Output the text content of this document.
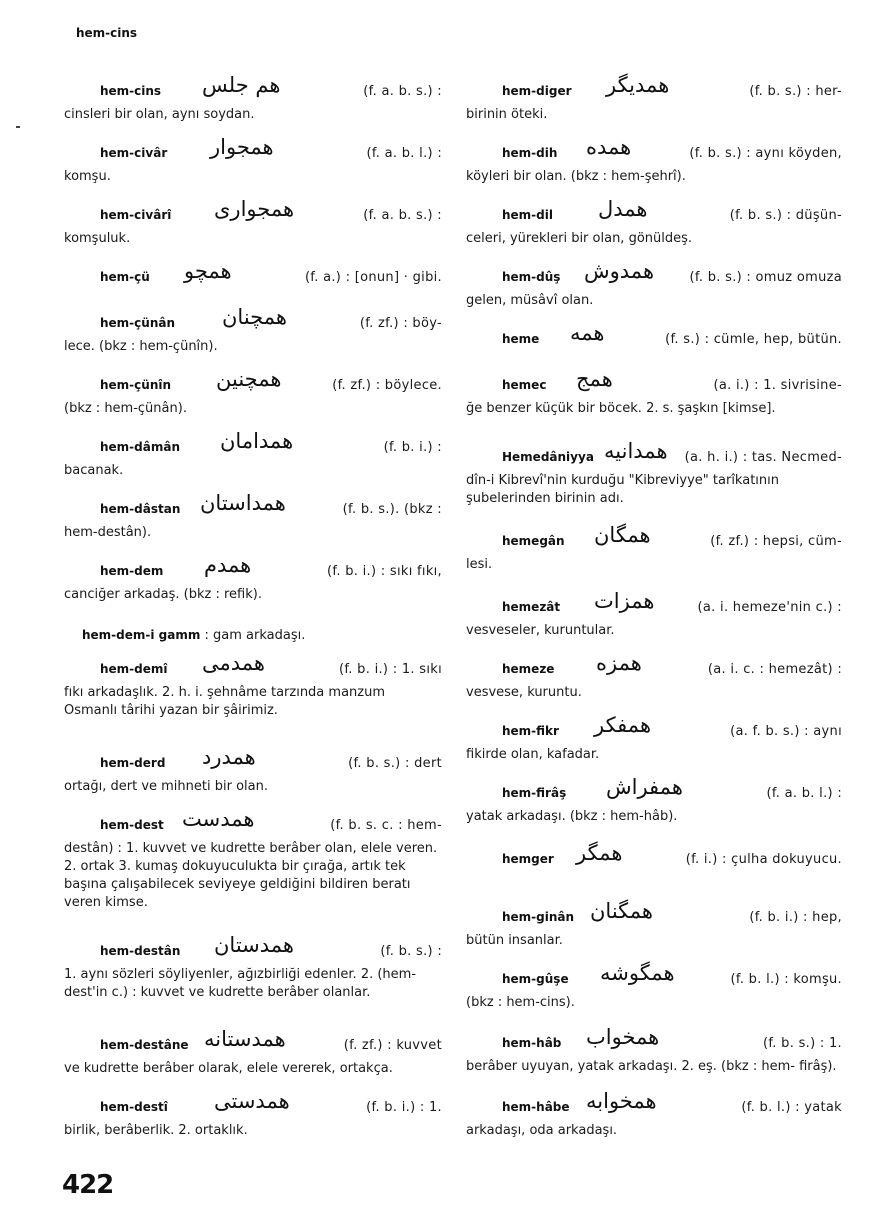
hem-cins
hem-cins هم جلس	(f. a. b. s.) :
cinsleri bir olan, aynı soydan.
hem-civâr همجوار	(f. a. b. l.) :
komşu.
hem-civârî همجواری	(f. a. b. s.) :
komşuluk.
hem-çü همچو	(f. a.) : [onun] · gibi.
hem-çünân همچنان	(f. zf.) : böy-
lece. (bkz : hem-çünîn).
hem-çünîn همچنین	(f. zf.) : böylece.
(bkz : hem-çünân).
hem-dâmân همدامان	(f. b. i.) :
bacanak.
hem-dâstan همداستان	(f. b. s.). (bkz :
hem-destân).
hem-dem همدم	(f. b. i.) : sıkı fıkı,
canciğer arkadaş. (bkz : refik).
hem-dem-i gamm : gam arkadaşı.
hem-demî همدمی	(f. b. i.) : 1. sıkı
fıkı arkadaşlık. 2. h. i. şehnâme tarzında manzum Osmanlı târihi yazan bir şâirimiz.
hem-derd همدرد	(f. b. s.) : dert
ortağı, dert ve mihneti bir olan.
hem-dest همدست	(f. b. s. c. : hem-
destân) : 1. kuvvet ve kudrette berâber olan, elele veren. 2. ortak 3. kumaş dokuyuculukta bir çırağa, artık tek başına çalışabilecek seviyeye geldiğini bildiren beratı veren kimse.
hem-destân همدستان	(f. b. s.) :
1. aynı sözleri söyliyenler, ağızbirliği edenler. 2. (hem-dest'in c.) : kuvvet ve kudrette berâber olanlar.
hem-destâne همدستانه	(f. zf.) : kuvvet
ve kudrette berâber olarak, elele vererek, ortakça.
hem-destî همدستی	(f. b. i.) : 1.
birlik, berâberlik. 2. ortaklık.
hem-diger همدیگر	(f. b. s.) : her-
birinin öteki.
hem-dih همده	(f. b. s.) : aynı köyden,
köyleri bir olan. (bkz : hem-şehrî).
hem-dil همدل	(f. b. s.) : düşün-
celeri, yürekleri bir olan, gönüldeş.
hem-dûş همدوش	(f. b. s.) : omuz omuza
gelen, müsâvî olan.
heme همه	(f. s.) : cümle, hep, bütün.
hemec همج	(a. i.) : 1. sivrisine-
ğe benzer küçük bir böcek. 2. s. şaşkın [kimse].
Hemedâniyya همدانیه (a. h. i.) : tas. Necmed-
dîn-i Kibrevî'nin kurduğu "Kibreviyye" tarîkatının şubelerinden birinin adı.
hemegân همگان	(f. zf.) : hepsi, cüm-
lesi.
hemezât همزات	(a. i. hemeze'nin c.) :
vesveseler, kuruntular.
hemeze همزه	(a. i. c. : hemezât) :
vesvese, kuruntu.
hem-fikr همفکر	(a. f. b. s.) : aynı
fikirde olan, kafadar.
hem-firâş همفراش	(f. a. b. l.) :
yatak arkadaşı. (bkz : hem-hâb).
hemger همگر	(f. i.) : çulha dokuyucu.
hem-ginân همگنان	(f. b. i.) : hep,
bütün insanlar.
hem-gûşe همگوشه	(f. b. l.) : komşu.
(bkz : hem-cins).
hem-hâb همخواب	(f. b. s.) : 1.
berâber uyuyan, yatak arkadaşı. 2. eş. (bkz : hem- firâş).
hem-hâbe همخوابه	(f. b. l.) : yatak
arkadaşı, oda arkadaşı.
422
